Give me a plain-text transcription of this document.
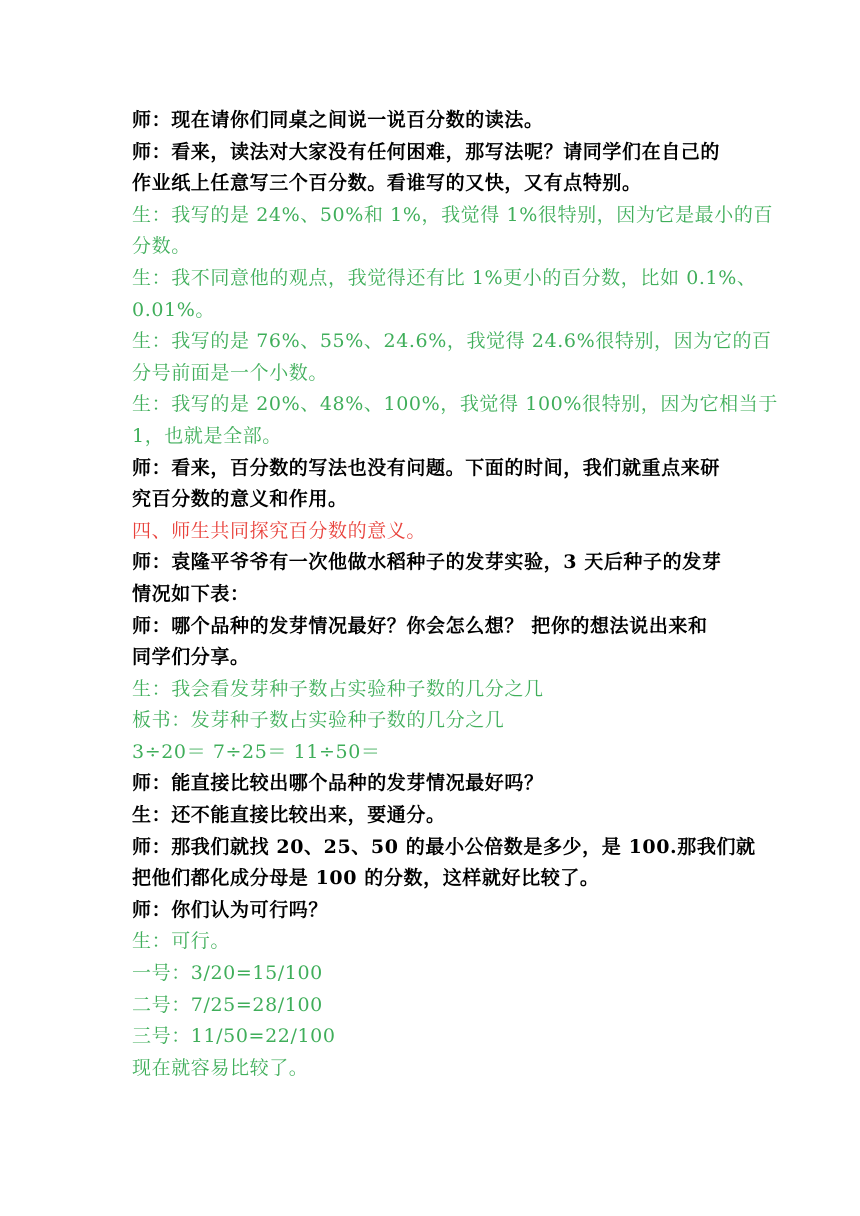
师：现在请你们同桌之间说一说百分数的读法。
师：看来，读法对大家没有任何困难，那写法呢？请同学们在自己的
作业纸上任意写三个百分数。看谁写的又快，又有点特别。
生：我写的是 24%、50%和 1%，我觉得 1%很特别，因为它是最小的百
分数。
生：我不同意他的观点，我觉得还有比 1%更小的百分数，比如 0.1%、
0.01%。
生：我写的是 76%、55%、24.6%，我觉得 24.6%很特别，因为它的百
分号前面是一个小数。
生：我写的是 20%、48%、100%，我觉得 100%很特别，因为它相当于
1，也就是全部。
师：看来，百分数的写法也没有问题。下面的时间，我们就重点来研
究百分数的意义和作用。
四、师生共同探究百分数的意义。
师：袁隆平爷爷有一次他做水稻种子的发芽实验，3 天后种子的发芽
情况如下表：
师：哪个品种的发芽情况最好？你会怎么想？ 把你的想法说出来和
同学们分享。
生：我会看发芽种子数占实验种子数的几分之几
板书：发芽种子数占实验种子数的几分之几
3÷20＝ 7÷25＝ 11÷50＝
师：能直接比较出哪个品种的发芽情况最好吗？
生：还不能直接比较出来，要通分。
师：那我们就找 20、25、50 的最小公倍数是多少，是 100.那我们就
把他们都化成分母是 100 的分数，这样就好比较了。
师：你们认为可行吗？
生：可行。
一号：3/20=15/100
二号：7/25=28/100
三号：11/50=22/100
现在就容易比较了。
